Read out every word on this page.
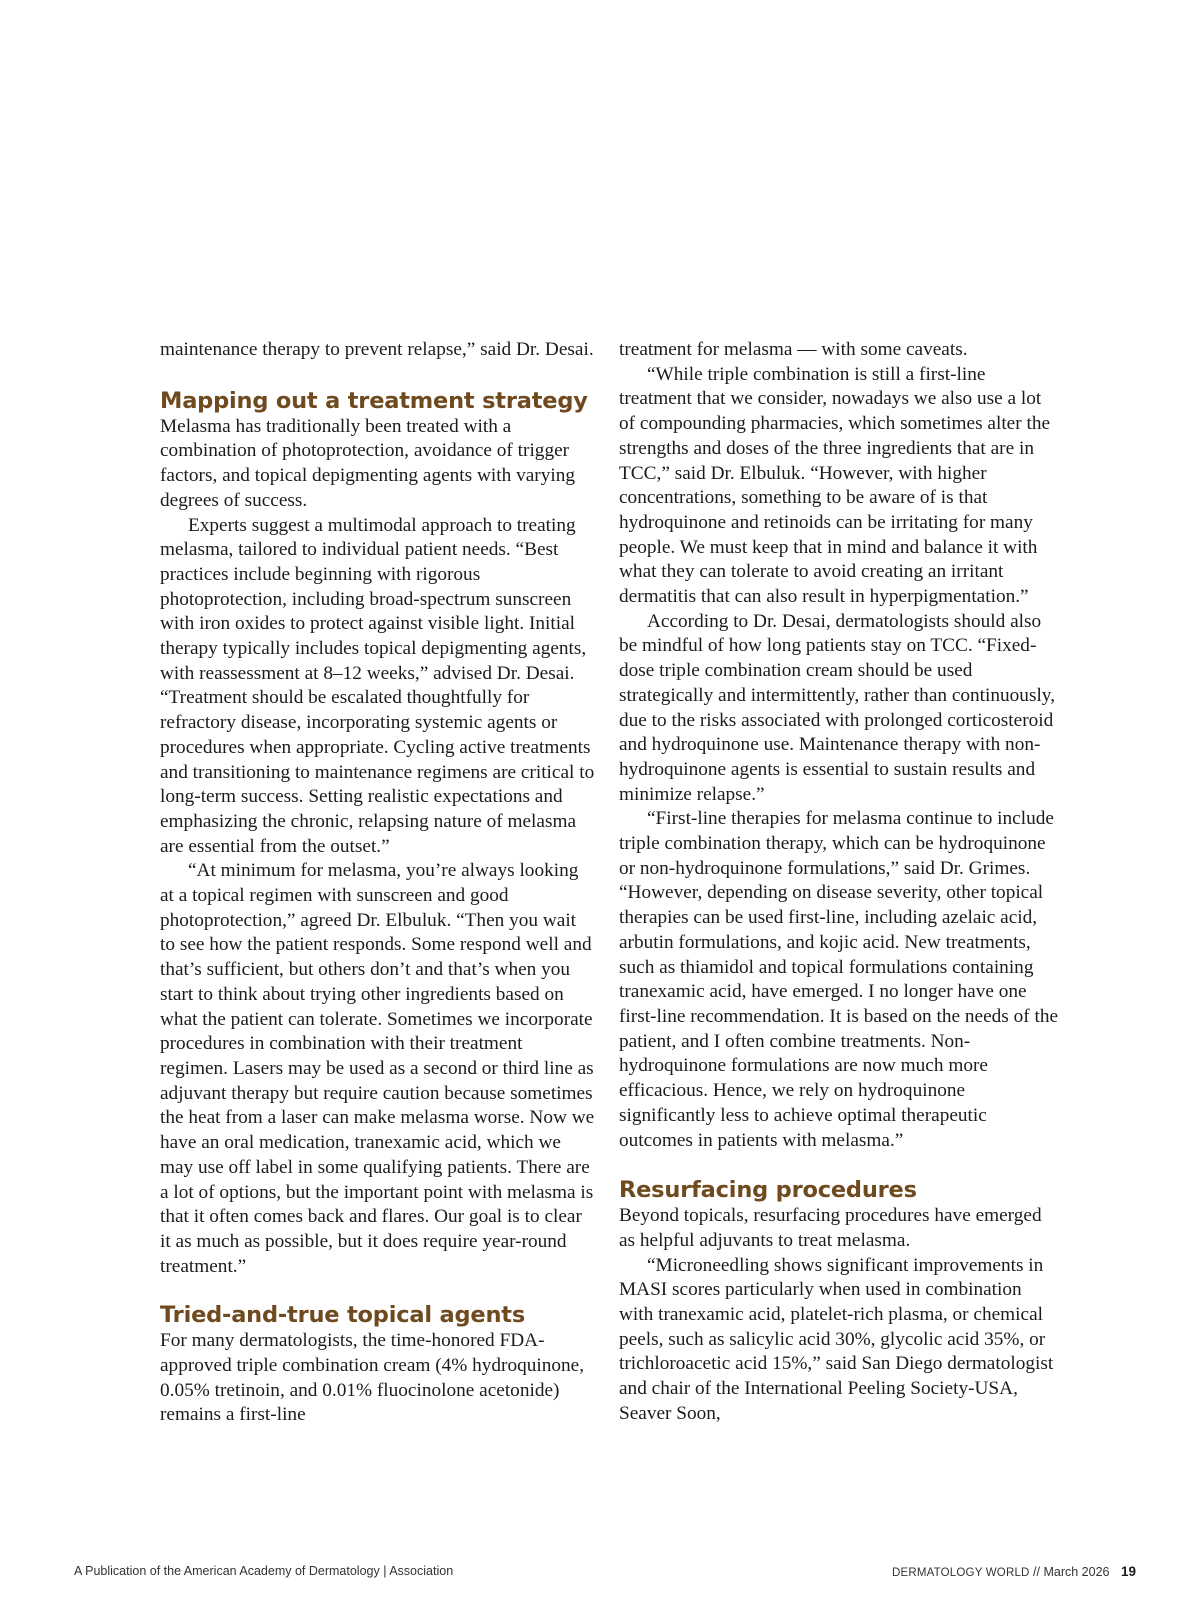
maintenance therapy to prevent relapse,” said Dr. Desai.

Mapping out a treatment strategy

Melasma has traditionally been treated with a combination of photoprotection, avoidance of trigger factors, and topical depigmenting agents with varying degrees of success.

Experts suggest a multimodal approach to treating melasma, tailored to individual patient needs. “Best practices include beginning with rigorous photoprotection, including broad-spectrum sunscreen with iron oxides to protect against visible light. Initial therapy typically includes topical depigmenting agents, with reassessment at 8–12 weeks,” advised Dr. Desai. “Treatment should be escalated thoughtfully for refractory disease, incorporating systemic agents or procedures when appropriate. Cycling active treatments and transitioning to maintenance regimens are critical to long-term success. Setting realistic expectations and emphasizing the chronic, relapsing nature of melasma are essential from the outset.”

“At minimum for melasma, you’re always looking at a topical regimen with sunscreen and good photoprotection,” agreed Dr. Elbuluk. “Then you wait to see how the patient responds. Some respond well and that’s sufficient, but others don’t and that’s when you start to think about trying other ingredients based on what the patient can tolerate. Sometimes we incorporate procedures in combination with their treatment regimen. Lasers may be used as a second or third line as adjuvant therapy but require caution because sometimes the heat from a laser can make melasma worse. Now we have an oral medication, tranexamic acid, which we may use off label in some qualifying patients. There are a lot of options, but the important point with melasma is that it often comes back and flares. Our goal is to clear it as much as possible, but it does require year-round treatment.”

Tried-and-true topical agents

For many dermatologists, the time-honored FDA-approved triple combination cream (4% hydroquinone, 0.05% tretinoin, and 0.01% fluocinolone acetonide) remains a first-line

treatment for melasma — with some caveats.

“While triple combination is still a first-line treatment that we consider, nowadays we also use a lot of compounding pharmacies, which sometimes alter the strengths and doses of the three ingredients that are in TCC,” said Dr. Elbuluk. “However, with higher concentrations, something to be aware of is that hydroquinone and retinoids can be irritating for many people. We must keep that in mind and balance it with what they can tolerate to avoid creating an irritant dermatitis that can also result in hyperpigmentation.”

According to Dr. Desai, dermatologists should also be mindful of how long patients stay on TCC. “Fixed-dose triple combination cream should be used strategically and intermittently, rather than continuously, due to the risks associated with prolonged corticosteroid and hydroquinone use. Maintenance therapy with non-hydroquinone agents is essential to sustain results and minimize relapse.”

“First-line therapies for melasma continue to include triple combination therapy, which can be hydroquinone or non-hydroquinone formulations,” said Dr. Grimes. “However, depending on disease severity, other topical therapies can be used first-line, including azelaic acid, arbutin formulations, and kojic acid. New treatments, such as thiamidol and topical formulations containing tranexamic acid, have emerged. I no longer have one first-line recommendation. It is based on the needs of the patient, and I often combine treatments. Non-hydroquinone formulations are now much more efficacious. Hence, we rely on hydroquinone significantly less to achieve optimal therapeutic outcomes in patients with melasma.”

Resurfacing procedures

Beyond topicals, resurfacing procedures have emerged as helpful adjuvants to treat melasma.

“Microneedling shows significant improvements in MASI scores particularly when used in combination with tranexamic acid, platelet-rich plasma, or chemical peels, such as salicylic acid 30%, glycolic acid 35%, or trichloroacetic acid 15%,” said San Diego dermatologist and chair of the International Peeling Society-USA, Seaver Soon,

A Publication of the American Academy of Dermatology | Association	DERMATOLOGY WORLD // March 2026 19
